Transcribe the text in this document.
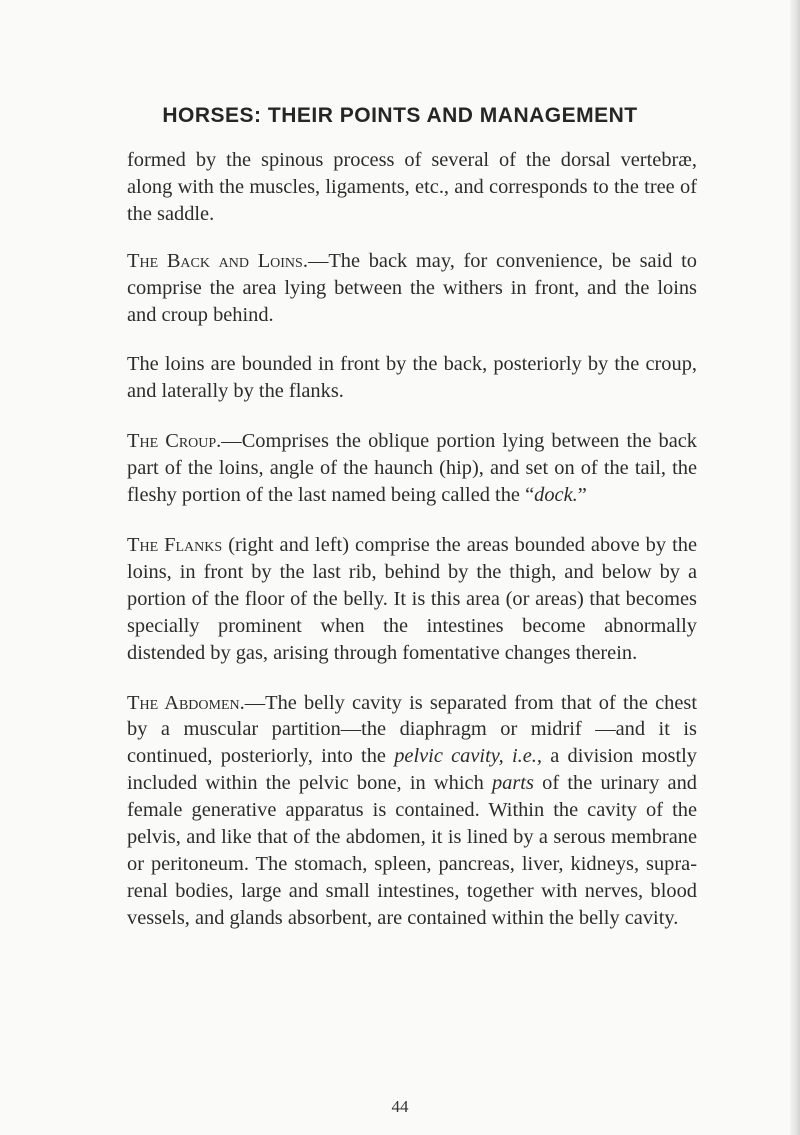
HORSES: THEIR POINTS AND MANAGEMENT

formed by the spinous process of several of the dorsal vertebræ, along with the muscles, ligaments, etc., and corresponds to the tree of the saddle.

The Back and Loins.—The back may, for convenience, be said to comprise the area lying between the withers in front, and the loins and croup behind.

The loins are bounded in front by the back, posteriorly by the croup, and laterally by the flanks.

The Croup.—Comprises the oblique portion lying between the back part of the loins, angle of the haunch (hip), and set on of the tail, the fleshy portion of the last named being called the “dock.”

The Flanks (right and left) comprise the areas bounded above by the loins, in front by the last rib, behind by the thigh, and below by a portion of the floor of the belly. It is this area (or areas) that becomes specially prominent when the intestines become abnormally distended by gas, arising through fomentative changes therein.

The Abdomen.—The belly cavity is separated from that of the chest by a muscular partition—the diaphragm or midrif —and it is continued, posteriorly, into the pelvic cavity, i.e., a division mostly included within the pelvic bone, in which parts of the urinary and female generative apparatus is contained. Within the cavity of the pelvis, and like that of the abdomen, it is lined by a serous membrane or peritoneum. The stomach, spleen, pancreas, liver, kidneys, supra-renal bodies, large and small intestines, together with nerves, blood vessels, and glands absorbent, are contained within the belly cavity.

44
